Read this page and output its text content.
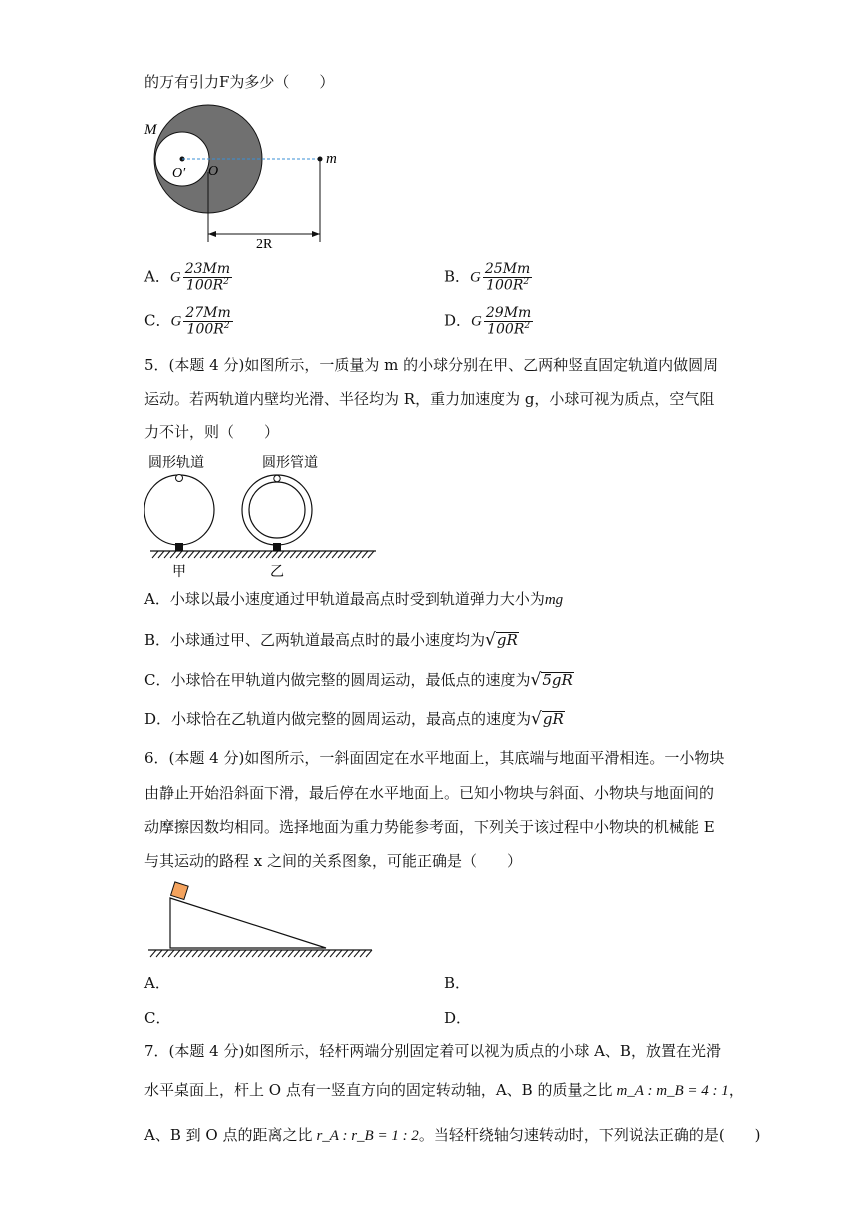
的万有引力F为多少（　　）
M
O′ O
m
2R
A．G $\frac{23Mm}{100R^2}$	B．G $\frac{25Mm}{100R^2}$
C．G $\frac{27Mm}{100R^2}$	D．G $\frac{29Mm}{100R^2}$
5．(本题 4 分)如图所示，一质量为 m 的小球分别在甲、乙两种竖直固定轨道内做圆周
运动。若两轨道内壁均光滑、半径均为 R，重力加速度为 g，小球可视为质点，空气阻
力不计，则（　　）
圆形轨道	圆形管道
甲	乙
A．小球以最小速度通过甲轨道最高点时受到轨道弹力大小为mg
B．小球通过甲、乙两轨道最高点时的最小速度均为√gR
C．小球恰在甲轨道内做完整的圆周运动，最低点的速度为√5gR
D．小球恰在乙轨道内做完整的圆周运动，最高点的速度为√gR
6．(本题 4 分)如图所示，一斜面固定在水平地面上，其底端与地面平滑相连。一小物块
由静止开始沿斜面下滑，最后停在水平地面上。已知小物块与斜面、小物块与地面间的
动摩擦因数均相同。选择地面为重力势能参考面，下列关于该过程中小物块的机械能 E
与其运动的路程 x 之间的关系图象，可能正确是（　　）
A．	B．
C．	D．
7．(本题 4 分)如图所示，轻杆两端分别固定着可以视为质点的小球 A、B，放置在光滑
水平桌面上，杆上 O 点有一竖直方向的固定转动轴，A、B 的质量之比 m_A : m_B = 4 : 1，
A、B 到 O 点的距离之比 r_A : r_B = 1 : 2。当轻杆绕轴匀速转动时，下列说法正确的是(　　)
